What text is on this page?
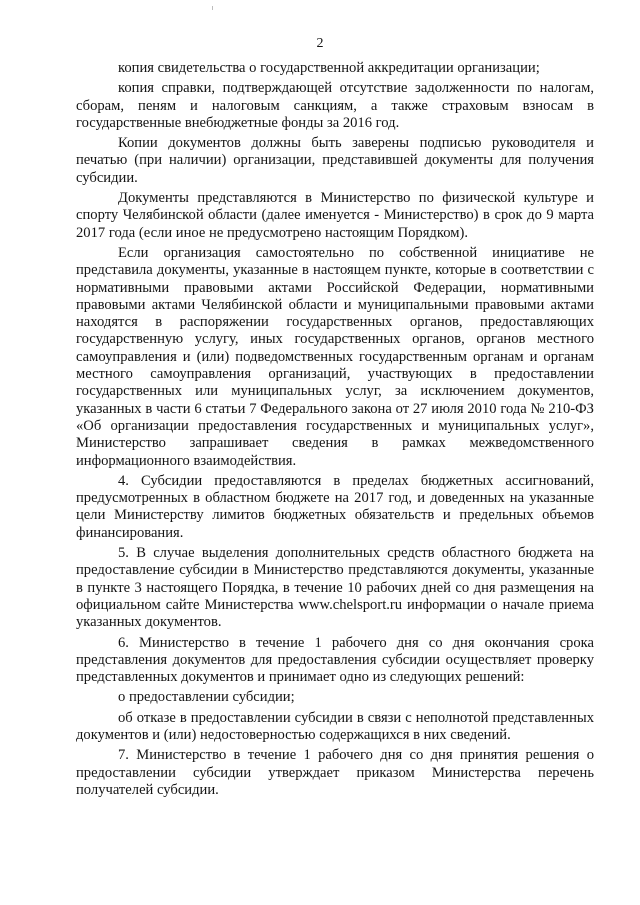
2

копия свидетельства о государственной аккредитации организации;

копия справки, подтверждающей отсутствие задолженности по налогам, сборам, пеням и налоговым санкциям, а также страховым взносам в государственные внебюджетные фонды за 2016 год.

Копии документов должны быть заверены подписью руководителя и печатью (при наличии) организации, представившей документы для получения субсидии.

Документы представляются в Министерство по физической культуре и спорту Челябинской области (далее именуется - Министерство) в срок до 9 марта 2017 года (если иное не предусмотрено настоящим Порядком).

Если организация самостоятельно по собственной инициативе не представила документы, указанные в настоящем пункте, которые в соответствии с нормативными правовыми актами Российской Федерации, нормативными правовыми актами Челябинской области и муниципальными правовыми актами находятся в распоряжении государственных органов, предоставляющих государственную услугу, иных государственных органов, органов местного самоуправления и (или) подведомственных государственным органам и органам местного самоуправления организаций, участвующих в предоставлении государственных или муниципальных услуг, за исключением документов, указанных в части 6 статьи 7 Федерального закона от 27 июля 2010 года № 210-ФЗ «Об организации предоставления государственных и муниципальных услуг», Министерство запрашивает сведения в рамках межведомственного информационного взаимодействия.

4. Субсидии предоставляются в пределах бюджетных ассигнований, предусмотренных в областном бюджете на 2017 год, и доведенных на указанные цели Министерству лимитов бюджетных обязательств и предельных объемов финансирования.

5. В случае выделения дополнительных средств областного бюджета на предоставление субсидии в Министерство представляются документы, указанные в пункте 3 настоящего Порядка, в течение 10 рабочих дней со дня размещения на официальном сайте Министерства www.chelsport.ru информации о начале приема указанных документов.

6. Министерство в течение 1 рабочего дня со дня окончания срока представления документов для предоставления субсидии осуществляет проверку представленных документов и принимает одно из следующих решений:

о предоставлении субсидии;

об отказе в предоставлении субсидии в связи с неполнотой представленных документов и (или) недостоверностью содержащихся в них сведений.

7. Министерство в течение 1 рабочего дня со дня принятия решения о предоставлении субсидии утверждает приказом Министерства перечень получателей субсидии.
